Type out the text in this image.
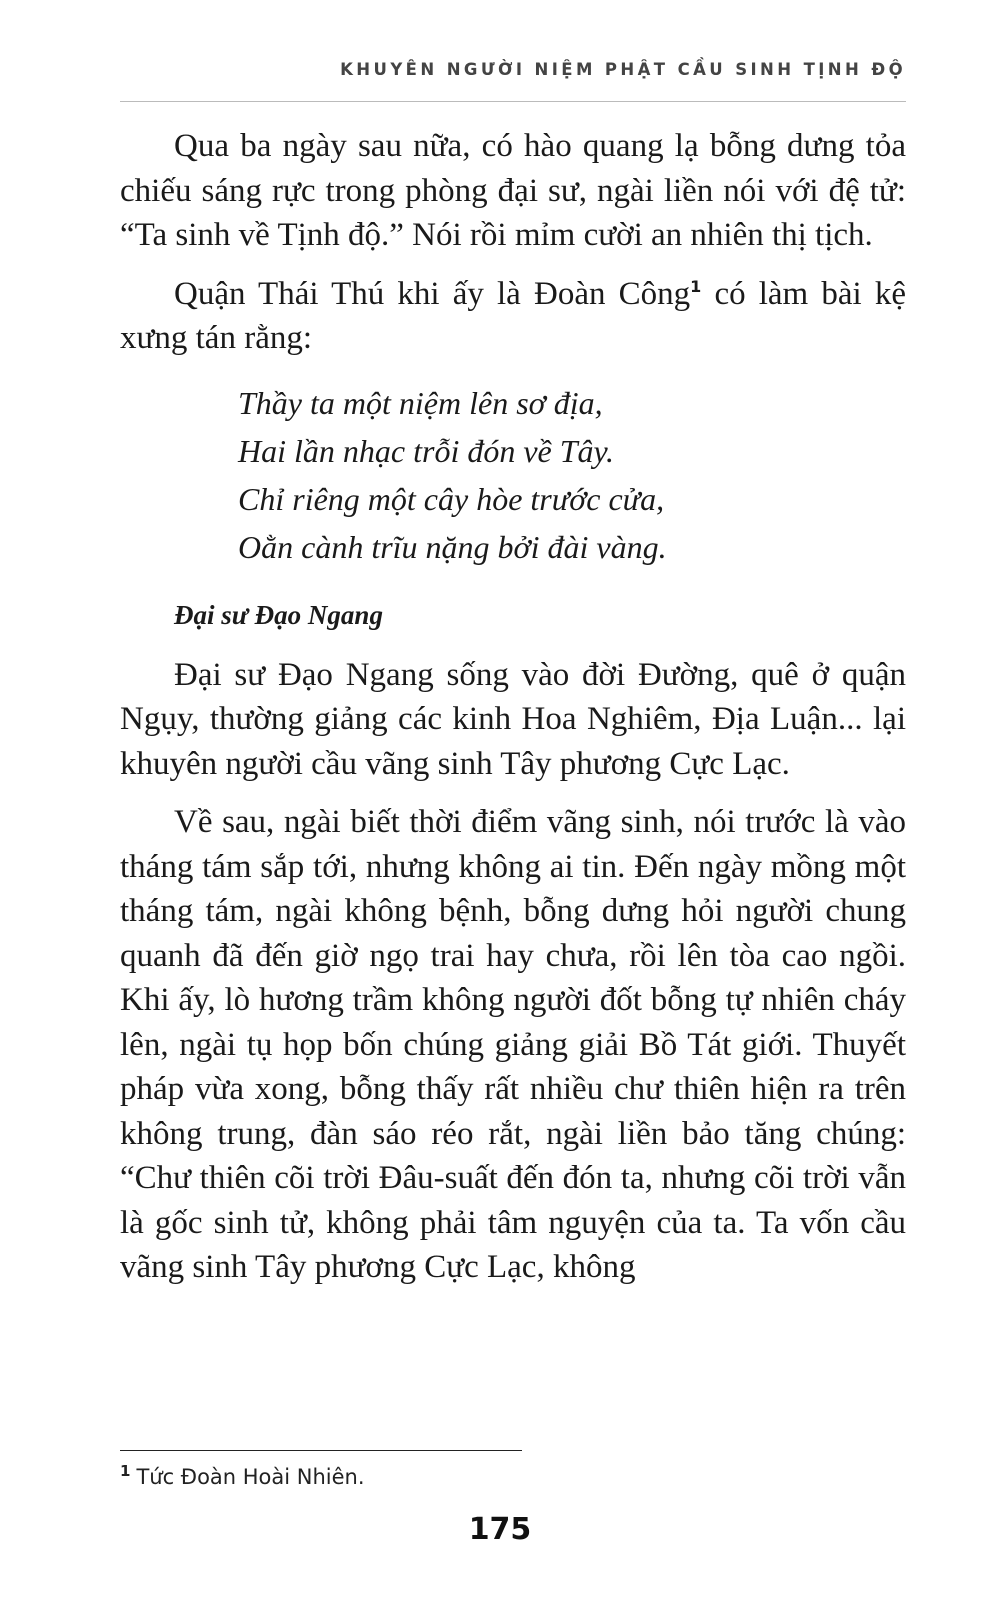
KHUYÊN NGƯỜI NIỆM PHẬT CẦU SINH TỊNH ĐỘ

Qua ba ngày sau nữa, có hào quang lạ bỗng dưng tỏa chiếu sáng rực trong phòng đại sư, ngài liền nói với đệ tử: “Ta sinh về Tịnh độ.” Nói rồi mỉm cười an nhiên thị tịch.

Quận Thái Thú khi ấy là Đoàn Công$^1$ có làm bài kệ xưng tán rằng:

Thầy ta một niệm lên sơ địa,
Hai lần nhạc trỗi đón về Tây.
Chỉ riêng một cây hòe trước cửa,
Oằn cành trĩu nặng bởi đài vàng.
Đại sư Đạo Ngang

Đại sư Đạo Ngang sống vào đời Đường, quê ở quận Ngụy, thường giảng các kinh Hoa Nghiêm, Địa Luận... lại khuyên người cầu vãng sinh Tây phương Cực Lạc.

Về sau, ngài biết thời điểm vãng sinh, nói trước là vào tháng tám sắp tới, nhưng không ai tin. Đến ngày mồng một tháng tám, ngài không bệnh, bỗng dưng hỏi người chung quanh đã đến giờ ngọ trai hay chưa, rồi lên tòa cao ngồi. Khi ấy, lò hương trầm không người đốt bỗng tự nhiên cháy lên, ngài tụ họp bốn chúng giảng giải Bồ Tát giới. Thuyết pháp vừa xong, bỗng thấy rất nhiều chư thiên hiện ra trên không trung, đàn sáo réo rắt, ngài liền bảo tăng chúng: “Chư thiên cõi trời Đâu-suất đến đón ta, nhưng cõi trời vẫn là gốc sinh tử, không phải tâm nguyện của ta. Ta vốn cầu vãng sinh Tây phương Cực Lạc, không

$^1$ Tức Đoàn Hoài Nhiên.
175
